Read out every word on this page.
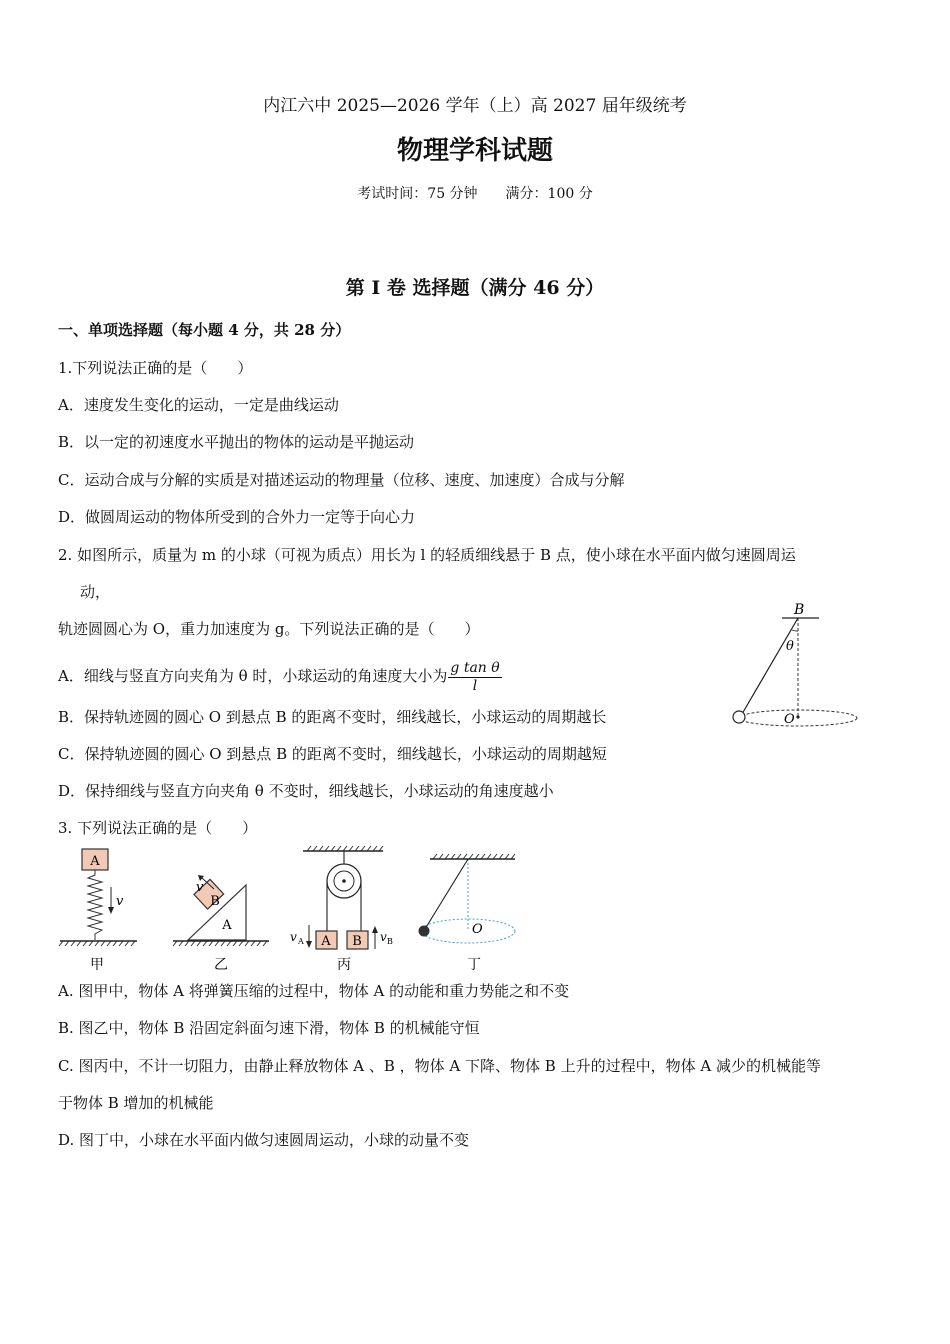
内江六中 2025—2026 学年（上）高 2027 届年级统考
物理学科试题
考试时间：75 分钟　　满分：100 分
第 Ⅰ 卷 选择题（满分 46 分）
一、单项选择题（每小题 4 分，共 28 分）
1.下列说法正确的是（　　）
A．速度发生变化的运动，一定是曲线运动
B．以一定的初速度水平抛出的物体的运动是平抛运动
C．运动合成与分解的实质是对描述运动的物理量（位移、速度、加速度）合成与分解
D．做圆周运动的物体所受到的合外力一定等于向心力
2. 如图所示，质量为 m 的小球（可视为质点）用长为 l 的轻质细线悬于 B 点，使小球在水平面内做匀速圆周运
动，
轨迹圆圆心为 O，重力加速度为 g。下列说法正确的是（　　）
A．细线与竖直方向夹角为 θ 时，小球运动的角速度大小为 $\frac{\text{g tan θ}}{l}$
B．保持轨迹圆的圆心 O 到悬点 B 的距离不变时，细线越长，小球运动的周期越长
C．保持轨迹圆的圆心 O 到悬点 B 的距离不变时，细线越长，小球运动的周期越短
D．保持细线与竖直方向夹角 θ 不变时，细线越长，小球运动的角速度越小
B
θ
O
3. 下列说法正确的是（　　）
A
v
甲
A
B
v
乙
A B
v A	v B
丙
O
丁
A. 图甲中，物体 A 将弹簧压缩的过程中，物体 A 的动能和重力势能之和不变
B. 图乙中，物体 B 沿固定斜面匀速下滑，物体 B 的机械能守恒
C. 图丙中，不计一切阻力，由静止释放物体 A 、B ，物体 A 下降、物体 B 上升的过程中，物体 A 减少的机械能等
于物体 B 增加的机械能
D. 图丁中，小球在水平面内做匀速圆周运动，小球的动量不变
